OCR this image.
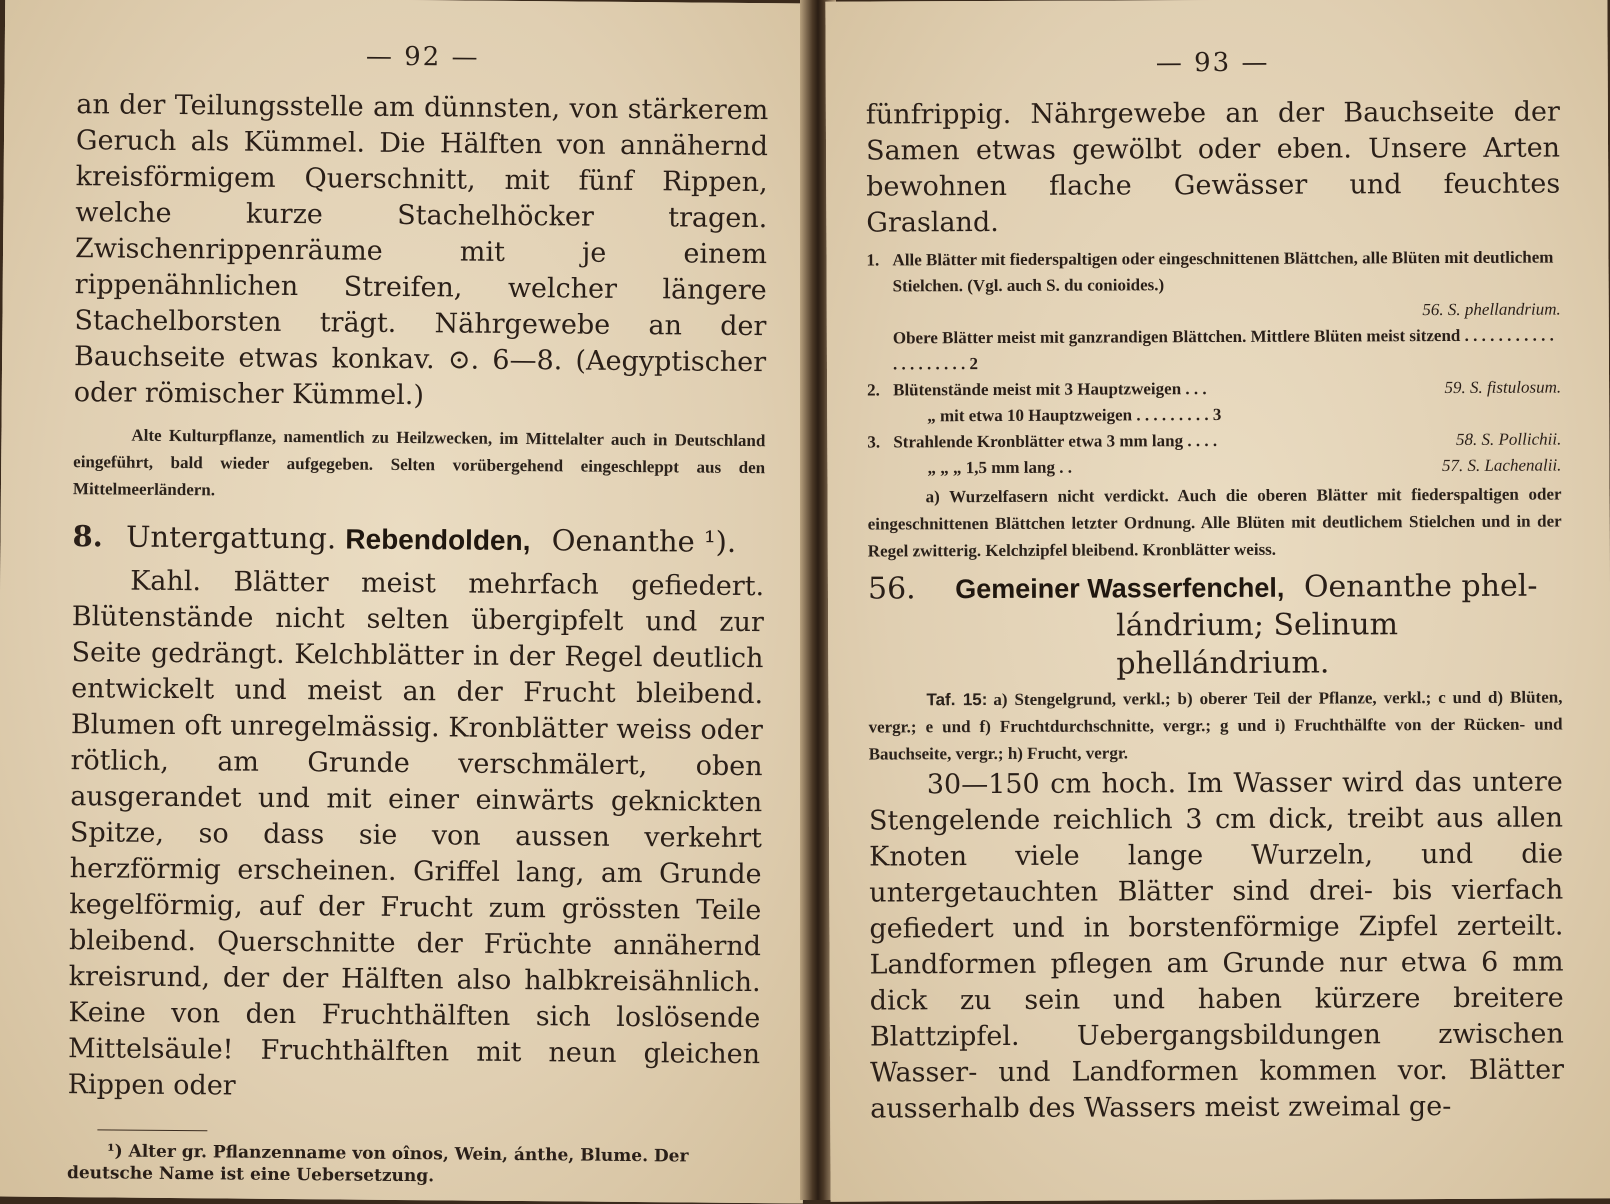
— 92 —

an der Teilungsstelle am dünnsten, von stärkerem Geruch als Kümmel. Die Hälften von annähernd kreisförmigem Querschnitt, mit fünf Rippen, welche kurze Stachelhöcker tragen. Zwischenrippenräume mit je einem rippenähnlichen Streifen, welcher längere Stachelborsten trägt. Nährgewebe an der Bauchseite etwas konkav. ⊙. 6—8. (Aegyptischer oder römischer Kümmel.)

Alte Kulturpflanze, namentlich zu Heilzwecken, im Mittelalter auch in Deutschland eingeführt, bald wieder aufgegeben. Selten vorübergehend eingeschleppt aus den Mittelmeerländern.

8. Untergattung. Rebendolden, Oenanthe ¹).

Kahl. Blätter meist mehrfach gefiedert. Blütenstände nicht selten übergipfelt und zur Seite gedrängt. Kelchblätter in der Regel deutlich entwickelt und meist an der Frucht bleibend. Blumen oft unregelmässig. Kronblätter weiss oder rötlich, am Grunde verschmälert, oben ausgerandet und mit einer einwärts geknickten Spitze, so dass sie von aussen verkehrt herzförmig erscheinen. Griffel lang, am Grunde kegelförmig, auf der Frucht zum grössten Teile bleibend. Querschnitte der Früchte annähernd kreisrund, der der Hälften also halbkreisähnlich. Keine von den Fruchthälften sich loslösende Mittelsäule! Fruchthälften mit neun gleichen Rippen oder

¹) Alter gr. Pflanzenname von oînos, Wein, ánthe, Blume. Der deutsche Name ist eine Uebersetzung.

— 93 —

fünfrippig. Nährgewebe an der Bauchseite der Samen etwas gewölbt oder eben. Unsere Arten bewohnen flache Gewässer und feuchtes Grasland.

1. Alle Blätter mit fiederspaltigen oder eingeschnittenen Blättchen, alle Blüten mit deutlichem Stielchen. (Vgl. auch S. du conioides.)
56. S. phellandrium.
Obere Blätter meist mit ganzrandigen Blättchen. Mittlere Blüten meist sitzend . . . . . . . . . . . . . . . . . . . . 2
2. Blütenstände meist mit 3 Hauptzweigen . . .	59. S. fistulosum.
„ mit etwa 10 Hauptzweigen . . . . . . . . . 3
3. Strahlende Kronblätter etwa 3 mm lang . . . .	58. S. Pollichii.
„ „ „ 1,5 mm lang . .	57. S. Lachenalii.

a) Wurzelfasern nicht verdickt. Auch die oberen Blätter mit fiederspaltigen oder eingeschnittenen Blättchen letzter Ordnung. Alle Blüten mit deutlichem Stielchen und in der Regel zwitterig. Kelchzipfel bleibend. Kronblätter weiss.

56. Gemeiner Wasserfenchel, Oenanthe phel-
lándrium; Selinum phellándrium.

Taf. 15: a) Stengelgrund, verkl.; b) oberer Teil der Pflanze, verkl.; c und d) Blüten, vergr.; e und f) Fruchtdurchschnitte, vergr.; g und i) Fruchthälfte von der Rücken- und Bauchseite, vergr.; h) Frucht, vergr.

30—150 cm hoch. Im Wasser wird das untere Stengelende reichlich 3 cm dick, treibt aus allen Knoten viele lange Wurzeln, und die untergetauchten Blätter sind drei- bis vierfach gefiedert und in borstenförmige Zipfel zerteilt. Landformen pflegen am Grunde nur etwa 6 mm dick zu sein und haben kürzere breitere Blattzipfel. Uebergangsbildungen zwischen Wasser- und Landformen kommen vor. Blätter ausserhalb des Wassers meist zweimal ge-
